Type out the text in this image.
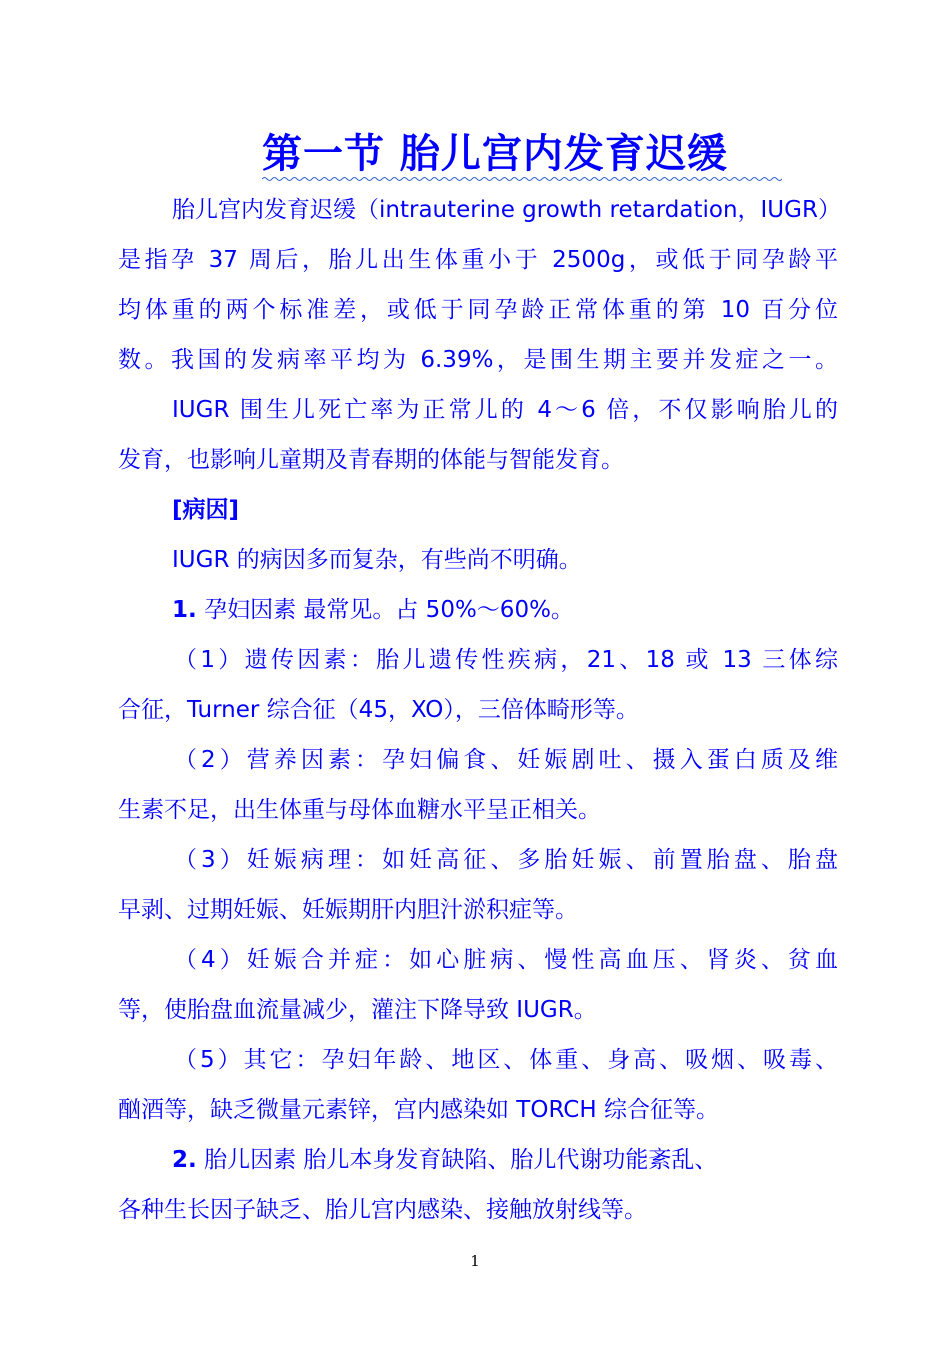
第一节 胎儿宫内发育迟缓
胎儿宫内发育迟缓（intrauterine growth retardation，IUGR）
是指孕 37 周后，胎儿出生体重小于 2500g，或低于同孕龄平
均体重的两个标准差，或低于同孕龄正常体重的第 10 百分位
数。我国的发病率平均为 6.39%，是围生期主要并发症之一。
IUGR 围生儿死亡率为正常儿的 4～6 倍，不仅影响胎儿的
发育，也影响儿童期及青春期的体能与智能发育。
[病因]
IUGR 的病因多而复杂，有些尚不明确。
1. 孕妇因素 最常见。占 50%～60%。
（1）遗传因素：胎儿遗传性疾病，21、18 或 13 三体综
合征，Turner 综合征（45，XO），三倍体畸形等。
（2）营养因素：孕妇偏食、妊娠剧吐、摄入蛋白质及维
生素不足，出生体重与母体血糖水平呈正相关。
（3）妊娠病理：如妊高征、多胎妊娠、前置胎盘、胎盘
早剥、过期妊娠、妊娠期肝内胆汁淤积症等。
（4）妊娠合并症：如心脏病、慢性高血压、肾炎、贫血
等，使胎盘血流量减少，灌注下降导致 IUGR。
（5）其它：孕妇年龄、地区、体重、身高、吸烟、吸毒、
酗酒等，缺乏微量元素锌，宫内感染如 TORCH 综合征等。
2. 胎儿因素 胎儿本身发育缺陷、胎儿代谢功能紊乱、
各种生长因子缺乏、胎儿宫内感染、接触放射线等。
1
